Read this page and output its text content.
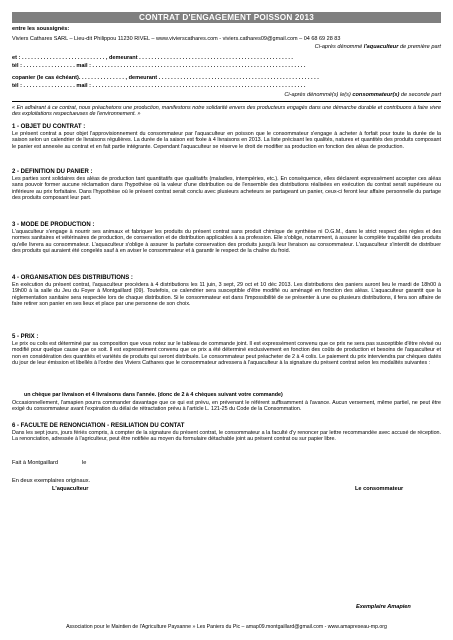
CONTRAT D'ENGAGEMENT POISSON 2013
entre les soussignés:
Viviers Cathares SARL – Lieu-dit Philippou 11230 RIVEL – www.vivierscathares.com - viviers.cathares09@gmail.com – 04 68 69 28 83
Ci-après dénommé l'aquaculteur de première part
et : . . . . . . . . . . . . . . . . . . . . . . . . . . . , demeurant . . . . . . . . . . . . . . . . . . . . . . . . . . . . . . . . . . . . . . . . . . . . . . . . . .
tél : . . . . . . . . . . . . . . . . . mail : . . . . . . . . . . . . . . . . . . . . . . . . . . . . . . . . . . . . . . . . . . . . . . . . . . . . . . . . . . . . . . . . . . . . .
copanier (le cas échéant). . . . . . . . . . . . . . . , demeurant . . . . . . . . . . . . . . . . . . . . . . . . . . . . . . . . . . . . . . . . . . . . . . . . . . . .
tél : . . . . . . . . . . . . . . . . . mail : . . . . . . . . . . . . . . . . . . . . . . . . . . . . . . . . . . . . . . . . . . . . . . . . . . . . . . . . . . . . . . . . . . . . .
Ci-après dénommé(s) le(s) consommateur(s) de seconde part

« En adhérant à ce contrat, nous préachetons une production, manifestons notre solidarité envers des producteurs engagés dans une démarche durable et contribuons à faire vivre des exploitations respectueuses de l'environnement. »

1 - OBJET DU CONTRAT :

Le présent contrat a pour objet l'approvisionnement du consommateur par l'aquaculteur en poisson que le consommateur s'engage à acheter à forfait pour toute la durée de la saison selon un calendrier de livraisons régulières. La durée de la saison est fixée à 4 livraisons en 2013. La liste précisant les qualités, natures et quantités des produits composant le panier est annexée au contrat et en fait partie intégrante. Cependant l'aquaculteur se réserve le droit de modifier sa production en fonction des aléas de production.

2 - DEFINITION DU PANIER :

Les parties sont solidaires des aléas de production tant quantitatifs que qualitatifs (maladies, intempéries, etc.). En conséquence, elles déclarent expressément accepter ces aléas sans pouvoir former aucune réclamation dans l'hypothèse où la valeur d'une distribution ou de l'ensemble des distributions réalisées en exécution du contrat serait supérieure ou inférieure au prix forfaitaire. Dans l'hypothèse où le présent contrat serait conclu avec plusieurs acheteurs se partageant un panier, ceux-ci feront leur affaire personnelle du partage des produits composant leur part.

3 - MODE DE PRODUCTION :

L'aquaculteur s'engage à nourrir ses animaux et fabriquer les produits du présent contrat sans produit chimique de synthèse ni O.G.M., dans le strict respect des règles et des normes sanitaires et vétérinaires de production, de conservation et de distribution applicables à sa profession. Elle s'oblige, notamment, à assurer la complète traçabilité des produits qu'elle livrera au consommateur. L'aquaculteur s'oblige à assurer la parfaite conservation des produits jusqu'à leur livraison au consommateur. L'aquaculteur s'interdit de distribuer des produits qui auraient été congelés sauf à en aviser le consommateur et à garantir le respect de la chaîne du froid.

4 - ORGANISATION DES DISTRIBUTIONS :

En exécution du présent contrat, l'aquaculteur procédera à 4 distributions les 11 juin, 3 sept, 29 oct et 10 déc 2013. Les distributions des paniers auront lieu le mardi de 18h00 à 19h00 à la salle du Jeu du Foyer à Montgaillard (09). Toutefois, ce calendrier sera susceptible d'être modifié ou aménagé en fonction des aléas. L'aquaculteur garantit que la réglementation sanitaire sera respectée lors de chaque distribution. Si le consommateur est dans l'impossibilité de se présenter à une ou plusieurs distributions, il fera son affaire de faire retirer son panier en ses lieux et place par une personne de son choix.

5 - PRIX :

Le prix ou colis est déterminé par sa composition que vous notez sur le tableau de commande joint. Il est expressément convenu que ce prix ne sera pas susceptible d'être révisé ou modifié pour quelque cause que ce soit. Il est expressément convenu que ce prix a été déterminé exclusivement en fonction des coûts de production et besoins de l'aquaculteur et non en considération des quantités et variétés de produits qui seront distribués. Le consommateur peut préacheter de 2 à 4 colis. Le paiement du prix interviendra par chèques datés du jour de leur émission et libellés à l'ordre des Viviers Cathares que le consommateur adressera à l'aquaculteur à la signature du présent contrat selon les modalités suivantes :

un chèque par livraison et 4 livraisons dans l'année. (donc de 2 à 4 chèques suivant votre commande)

Occasionnellement, l'amapien pourra commander davantage que ce qui est prévu, en prévenant le référent suffisamment à l'avance. Aucun versement, même partiel, ne peut être exigé du consommateur avant l'expiration du délai de rétractation prévu à l'article L. 121-25 du Code de la Consommation.

6 - FACULTE DE RENONCIATION - RESILIATION DU CONTAT

Dans les sept jours, jours fériés compris, à compter de la signature du présent contrat, le consommateur a la faculté d'y renoncer par lettre recommandée avec accusé de réception. La renonciation, adressée à l'agriculteur, peut être notifiée au moyen du formulaire détachable joint au présent contrat ou sur papier libre.

Fait à Montgaillard	le
En deux exemplaires originaux.
L'aquaculteur	Le consommateur
Exemplaire Amapien
Association pour le Maintien de l'Agriculture Paysanne » Les Paniers du Pic – amap09.montgaillard@gmail.com - www.amapreseau-mp.org
